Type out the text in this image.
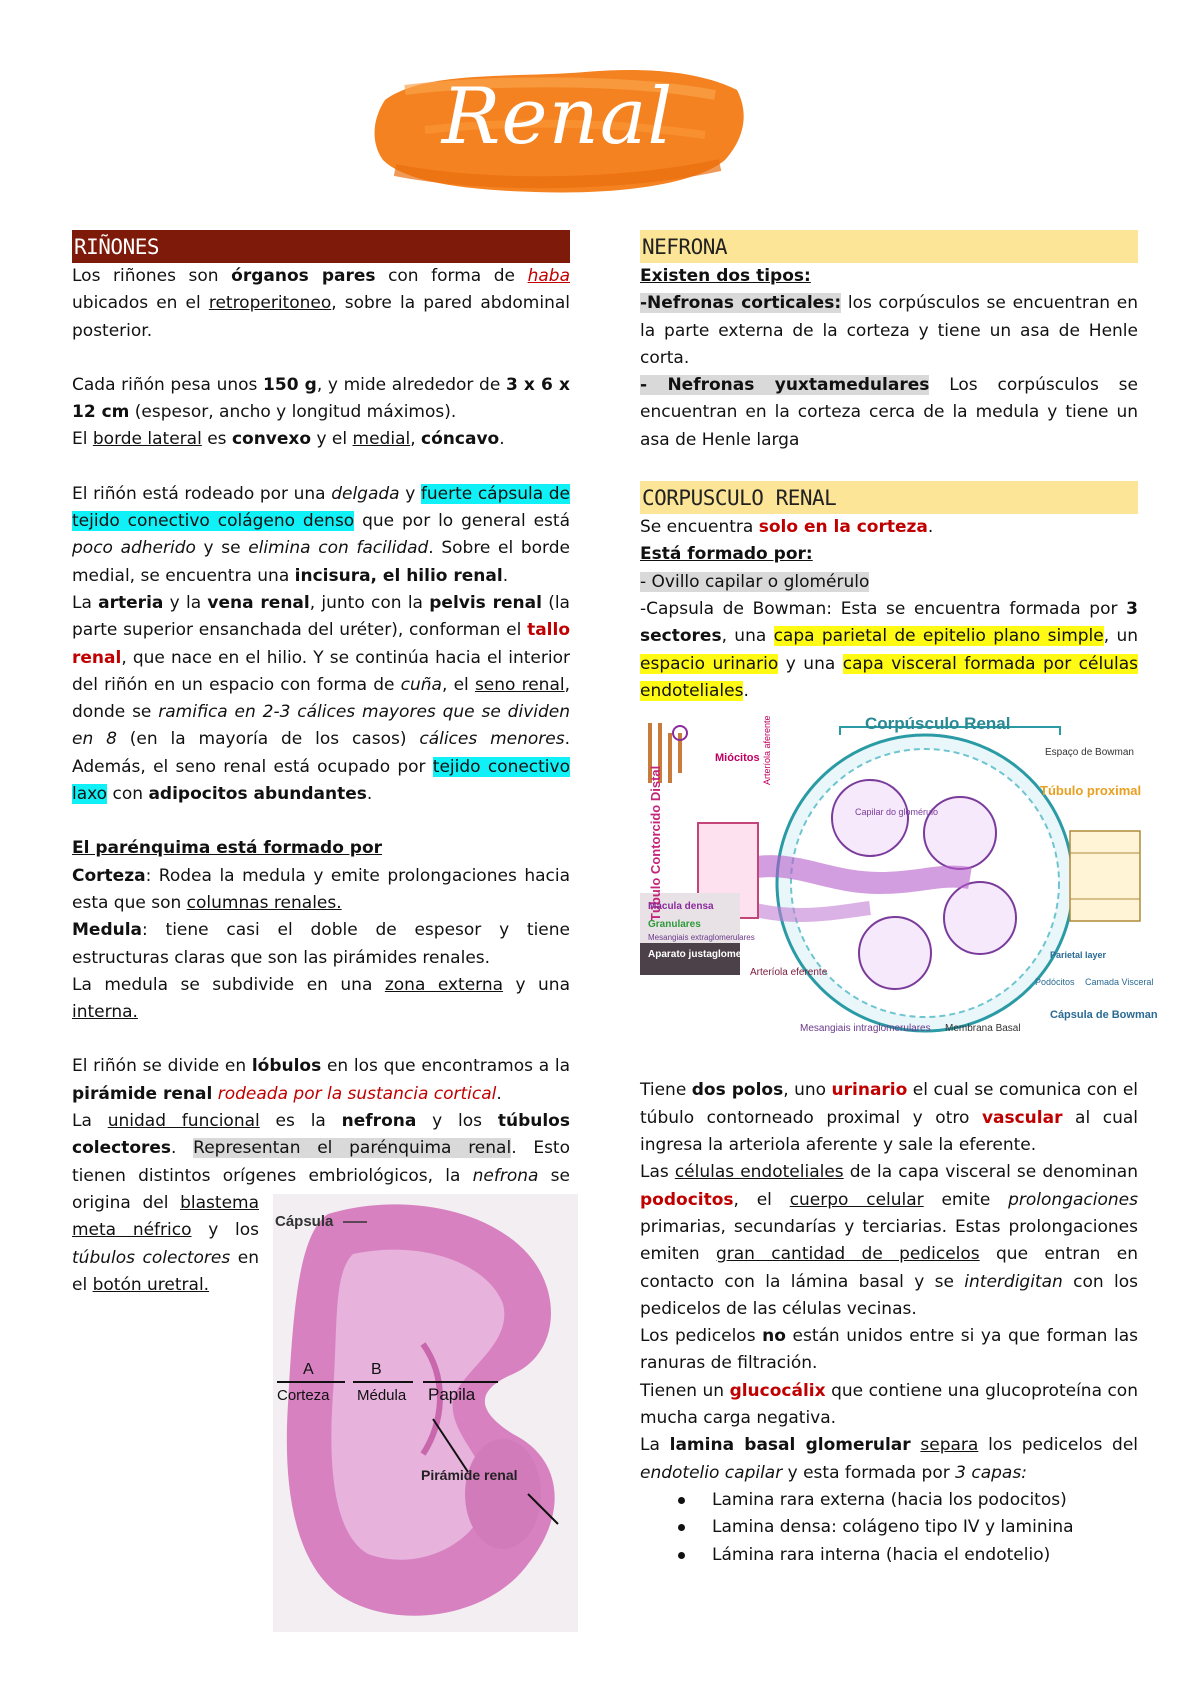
Renal
RIÑONES

Los riñones son órganos pares con forma de haba ubicados en el retroperitoneo, sobre la pared abdominal posterior.

Cada riñón pesa unos 150 g, y mide alrededor de 3 x 6 x 12 cm (espesor, ancho y longitud máximos).

El borde lateral es convexo y el medial, cóncavo.

El riñón está rodeado por una delgada y fuerte cápsula de tejido conectivo colágeno denso que por lo general está poco adherido y se elimina con facilidad. Sobre el borde medial, se encuentra una incisura, el hilio renal.

La arteria y la vena renal, junto con la pelvis renal (la parte superior ensanchada del uréter), conforman el tallo renal, que nace en el hilio. Y se continúa hacia el interior del riñón en un espacio con forma de cuña, el seno renal, donde se ramifica en 2-3 cálices mayores que se dividen en 8 (en la mayoría de los casos) cálices menores. Además, el seno renal está ocupado por tejido conectivo laxo con adipocitos abundantes.

El parénquima está formado por

Corteza: Rodea la medula y emite prolongaciones hacia esta que son columnas renales.

Medula: tiene casi el doble de espesor y tiene estructuras claras que son las pirámides renales.

La medula se subdivide en una zona externa y una interna.

El riñón se divide en lóbulos en los que encontramos a la pirámide renal rodeada por la sustancia cortical.

La unidad funcional es la nefrona y los túbulos colectores. Representan el parénquima renal. Esto tienen distintos orígenes embriológicos, la nefrona se origina del
Cápsula
A	B
Corteza Médula Papila
Pirámide renal
blastema meta néfrico y los túbulos colectores en el botón uretral.

NEFRONA

Existen dos tipos:

-Nefronas corticales: los corpúsculos se encuentran en la parte externa de la corteza y tiene un asa de Henle corta.

- Nefronas yuxtamedulares Los corpúsculos se encuentran en la corteza cerca de la medula y tiene un asa de Henle larga

CORPUSCULO RENAL

Se encuentra solo en la corteza.

Está formado por:

- Ovillo capilar o glomérulo

-Capsula de Bowman: Esta se encuentra formada por 3 sectores, una capa parietal de epitelio plano simple, un espacio urinario y una capa visceral formada por células endoteliales.

Corpúsculo Renal
Miócitos Arteríola aferente
Túbulo Contorcido Distal
Mácula densa
Granulares
Mesangiais extraglomerulares
Aparato justaglomerular
Arteríola eferente
Capilar do glomérulo
Mesangiais intraglomerulares Membrana Basal
Espaço de Bowman
Túbulo proximal
Parietal layer
Podócitos Camada Visceral
Cápsula de Bowman

Tiene dos polos, uno urinario el cual se comunica con el túbulo contorneado proximal y otro vascular al cual ingresa la arteriola aferente y sale la eferente.

Las células endoteliales de la capa visceral se denominan podocitos, el cuerpo celular emite prolongaciones primarias, secundarías y terciarias. Estas prolongaciones emiten gran cantidad de pedicelos que entran en contacto con la lámina basal y se interdigitan con los pedicelos de las células vecinas.

Los pedicelos no están unidos entre si ya que forman las ranuras de filtración.

Tienen un glucocálix que contiene una glucoproteína con mucha carga negativa.

La lamina basal glomerular separa los pedicelos del endotelio capilar y esta formada por 3 capas:

Lamina rara externa (hacia los podocitos)
Lamina densa: colágeno tipo IV y laminina
Lámina rara interna (hacia el endotelio)
